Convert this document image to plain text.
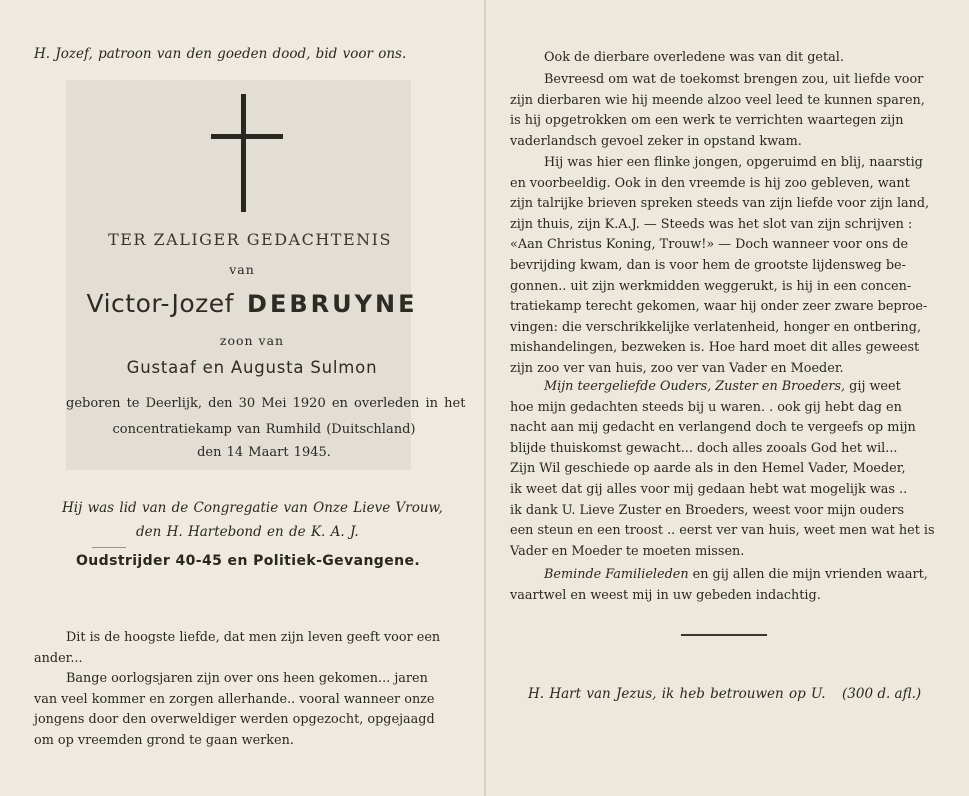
H. Jozef, patroon van den goeden dood, bid voor ons.
TER ZALIGER GEDACHTENIS
van
Victor-Jozef DEBRUYNE
zoon van
Gustaaf en Augusta Sulmon
geboren te Deerlijk, den 30 Mei 1920 en overleden in het
concentratiekamp van Rumhild (Duitschland)
den 14 Maart 1945.
Hij was lid van de Congregatie van Onze Lieve Vrouw,
den H. Hartebond en de K. A. J.
Oudstrijder 40-45 en Politiek-Gevangene.
Dit is de hoogste liefde, dat men zijn leven geeft voor een
ander...
Bange oorlogsjaren zijn over ons heen gekomen... jaren
van veel kommer en zorgen allerhande.. vooral wanneer onze
jongens door den overweldiger werden opgezocht, opgejaagd
om op vreemden grond te gaan werken.
Ook de dierbare overledene was van dit getal.
Bevreesd om wat de toekomst brengen zou, uit liefde voor
zijn dierbaren wie hij meende alzoo veel leed te kunnen sparen,
is hij opgetrokken om een werk te verrichten waartegen zijn
vaderlandsch gevoel zeker in opstand kwam.
Hij was hier een flinke jongen, opgeruimd en blij, naarstig
en voorbeeldig. Ook in den vreemde is hij zoo gebleven, want
zijn talrijke brieven spreken steeds van zijn liefde voor zijn land,
zijn thuis, zijn K.A.J. — Steeds was het slot van zijn schrijven :
«Aan Christus Koning, Trouw!» — Doch wanneer voor ons de
bevrijding kwam, dan is voor hem de grootste lijdensweg be-
gonnen.. uit zijn werkmidden weggerukt, is hij in een concen-
tratiekamp terecht gekomen, waar hij onder zeer zware beproe-
vingen: die verschrikkelijke verlatenheid, honger en ontbering,
mishandelingen, bezweken is. Hoe hard moet dit alles geweest
zijn zoo ver van huis, zoo ver van Vader en Moeder.
Mijn teergeliefde Ouders, Zuster en Broeders, gij weet
hoe mijn gedachten steeds bij u waren. . ook gij hebt dag en
nacht aan mij gedacht en verlangend doch te vergeefs op mijn
blijde thuiskomst gewacht... doch alles zooals God het wil...
Zijn Wil geschiede op aarde als in den Hemel Vader, Moeder,
ik weet dat gij alles voor mij gedaan hebt wat mogelijk was ..
ik dank U. Lieve Zuster en Broeders, weest voor mijn ouders
een steun en een troost .. eerst ver van huis, weet men wat het is
Vader en Moeder te moeten missen.
Beminde Familieleden en gij allen die mijn vrienden waart,
vaartwel en weest mij in uw gebeden indachtig.
H. Hart van Jezus, ik heb betrouwen op U. (300 d. afl.)
